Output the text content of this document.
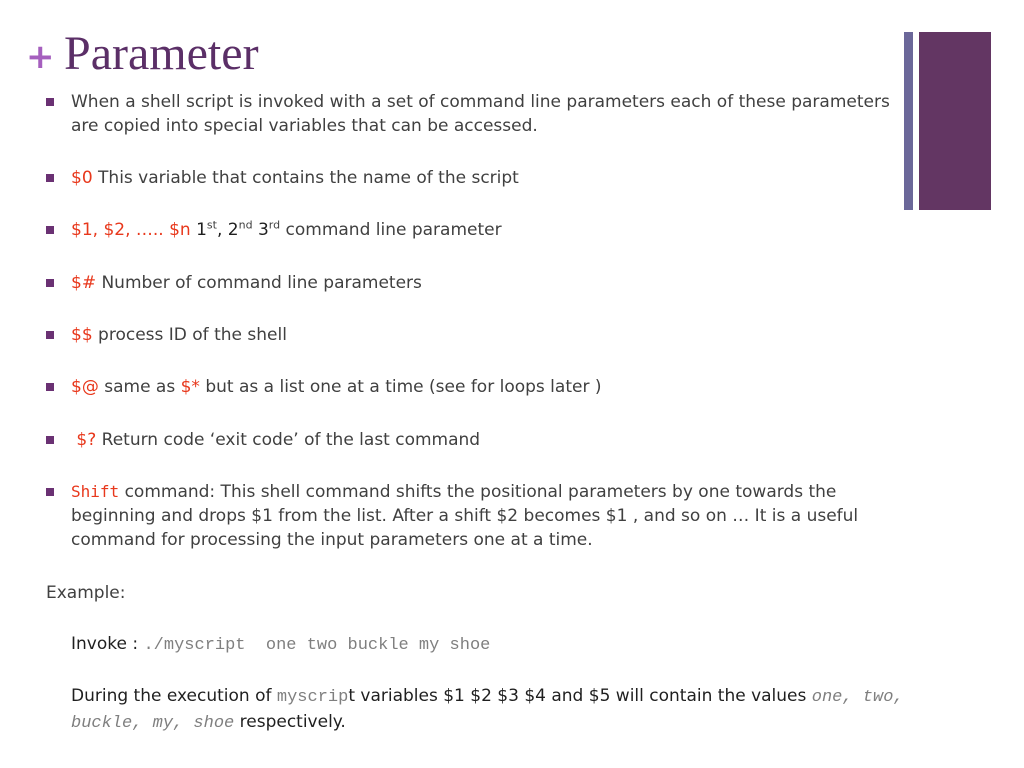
+ Parameter
When a shell script is invoked with a set of command line parameters each of these parameters are copied into special variables that can be accessed.
$0 This variable that contains the name of the script
$1, $2, ….. $n 1st, 2nd 3rd command line parameter
$# Number of command line parameters
$$ process ID of the shell
$@ same as $* but as a list one at a time (see for loops later )
$? Return code ‘exit code’ of the last command
Shift command: This shell command shifts the positional parameters by one towards the beginning and drops $1 from the list. After a shift $2 becomes $1 , and so on … It is a useful command for processing the input parameters one at a time.
Example:
Invoke : ./myscript  one two buckle my shoe
During the execution of myscript variables $1 $2 $3 $4 and $5 will contain the values one, two, buckle, my, shoe respectively.
